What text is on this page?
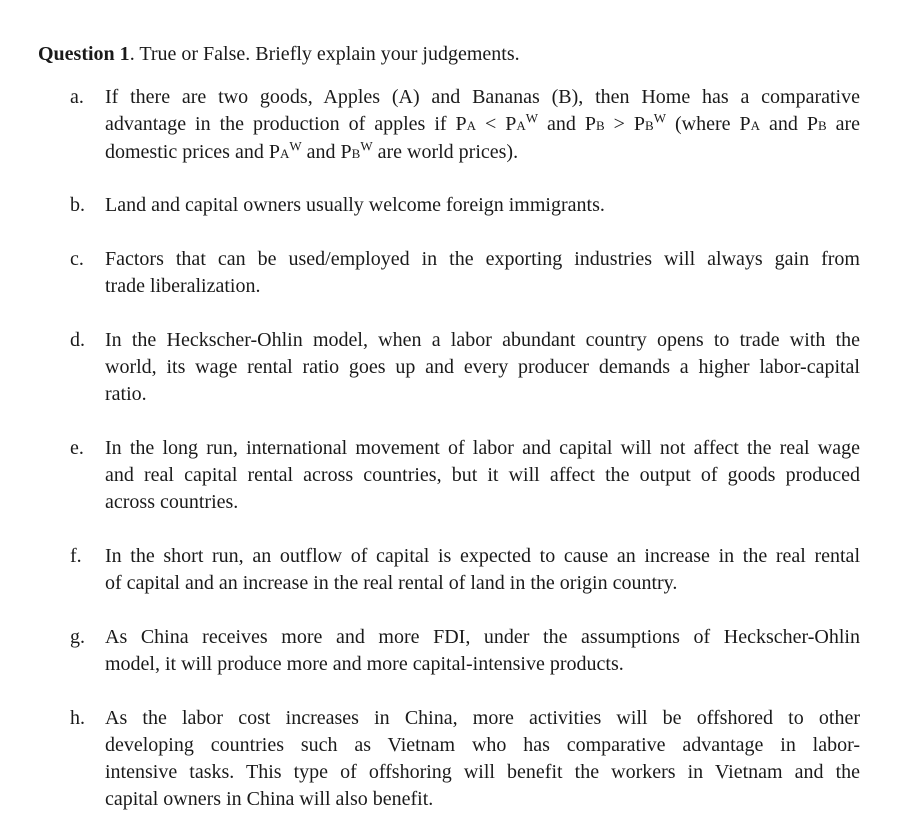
Question 1. True or False. Briefly explain your judgements.
a.	If there are two goods, Apples (A) and Bananas (B), then Home has a comparative
advantage in the production of apples if PA < $PA^W$ and PB > $PB^W$ (where PA and PB are
domestic prices and $PA^W$ and $PB^W$ are world prices).
b.	Land and capital owners usually welcome foreign immigrants.
c.	Factors that can be used/employed in the exporting industries will always gain from
trade liberalization.
d.	In the Heckscher-Ohlin model, when a labor abundant country opens to trade with the
world, its wage rental ratio goes up and every producer demands a higher labor-capital
ratio.
e.	In the long run, international movement of labor and capital will not affect the real wage
and real capital rental across countries, but it will affect the output of goods produced
across countries.
f.	In the short run, an outflow of capital is expected to cause an increase in the real rental
of capital and an increase in the real rental of land in the origin country.
g.	As China receives more and more FDI, under the assumptions of Heckscher-Ohlin
model, it will produce more and more capital-intensive products.
h.	As the labor cost increases in China, more activities will be offshored to other
developing countries such as Vietnam who has comparative advantage in labor-
intensive tasks. This type of offshoring will benefit the workers in Vietnam and the
capital owners in China will also benefit.
